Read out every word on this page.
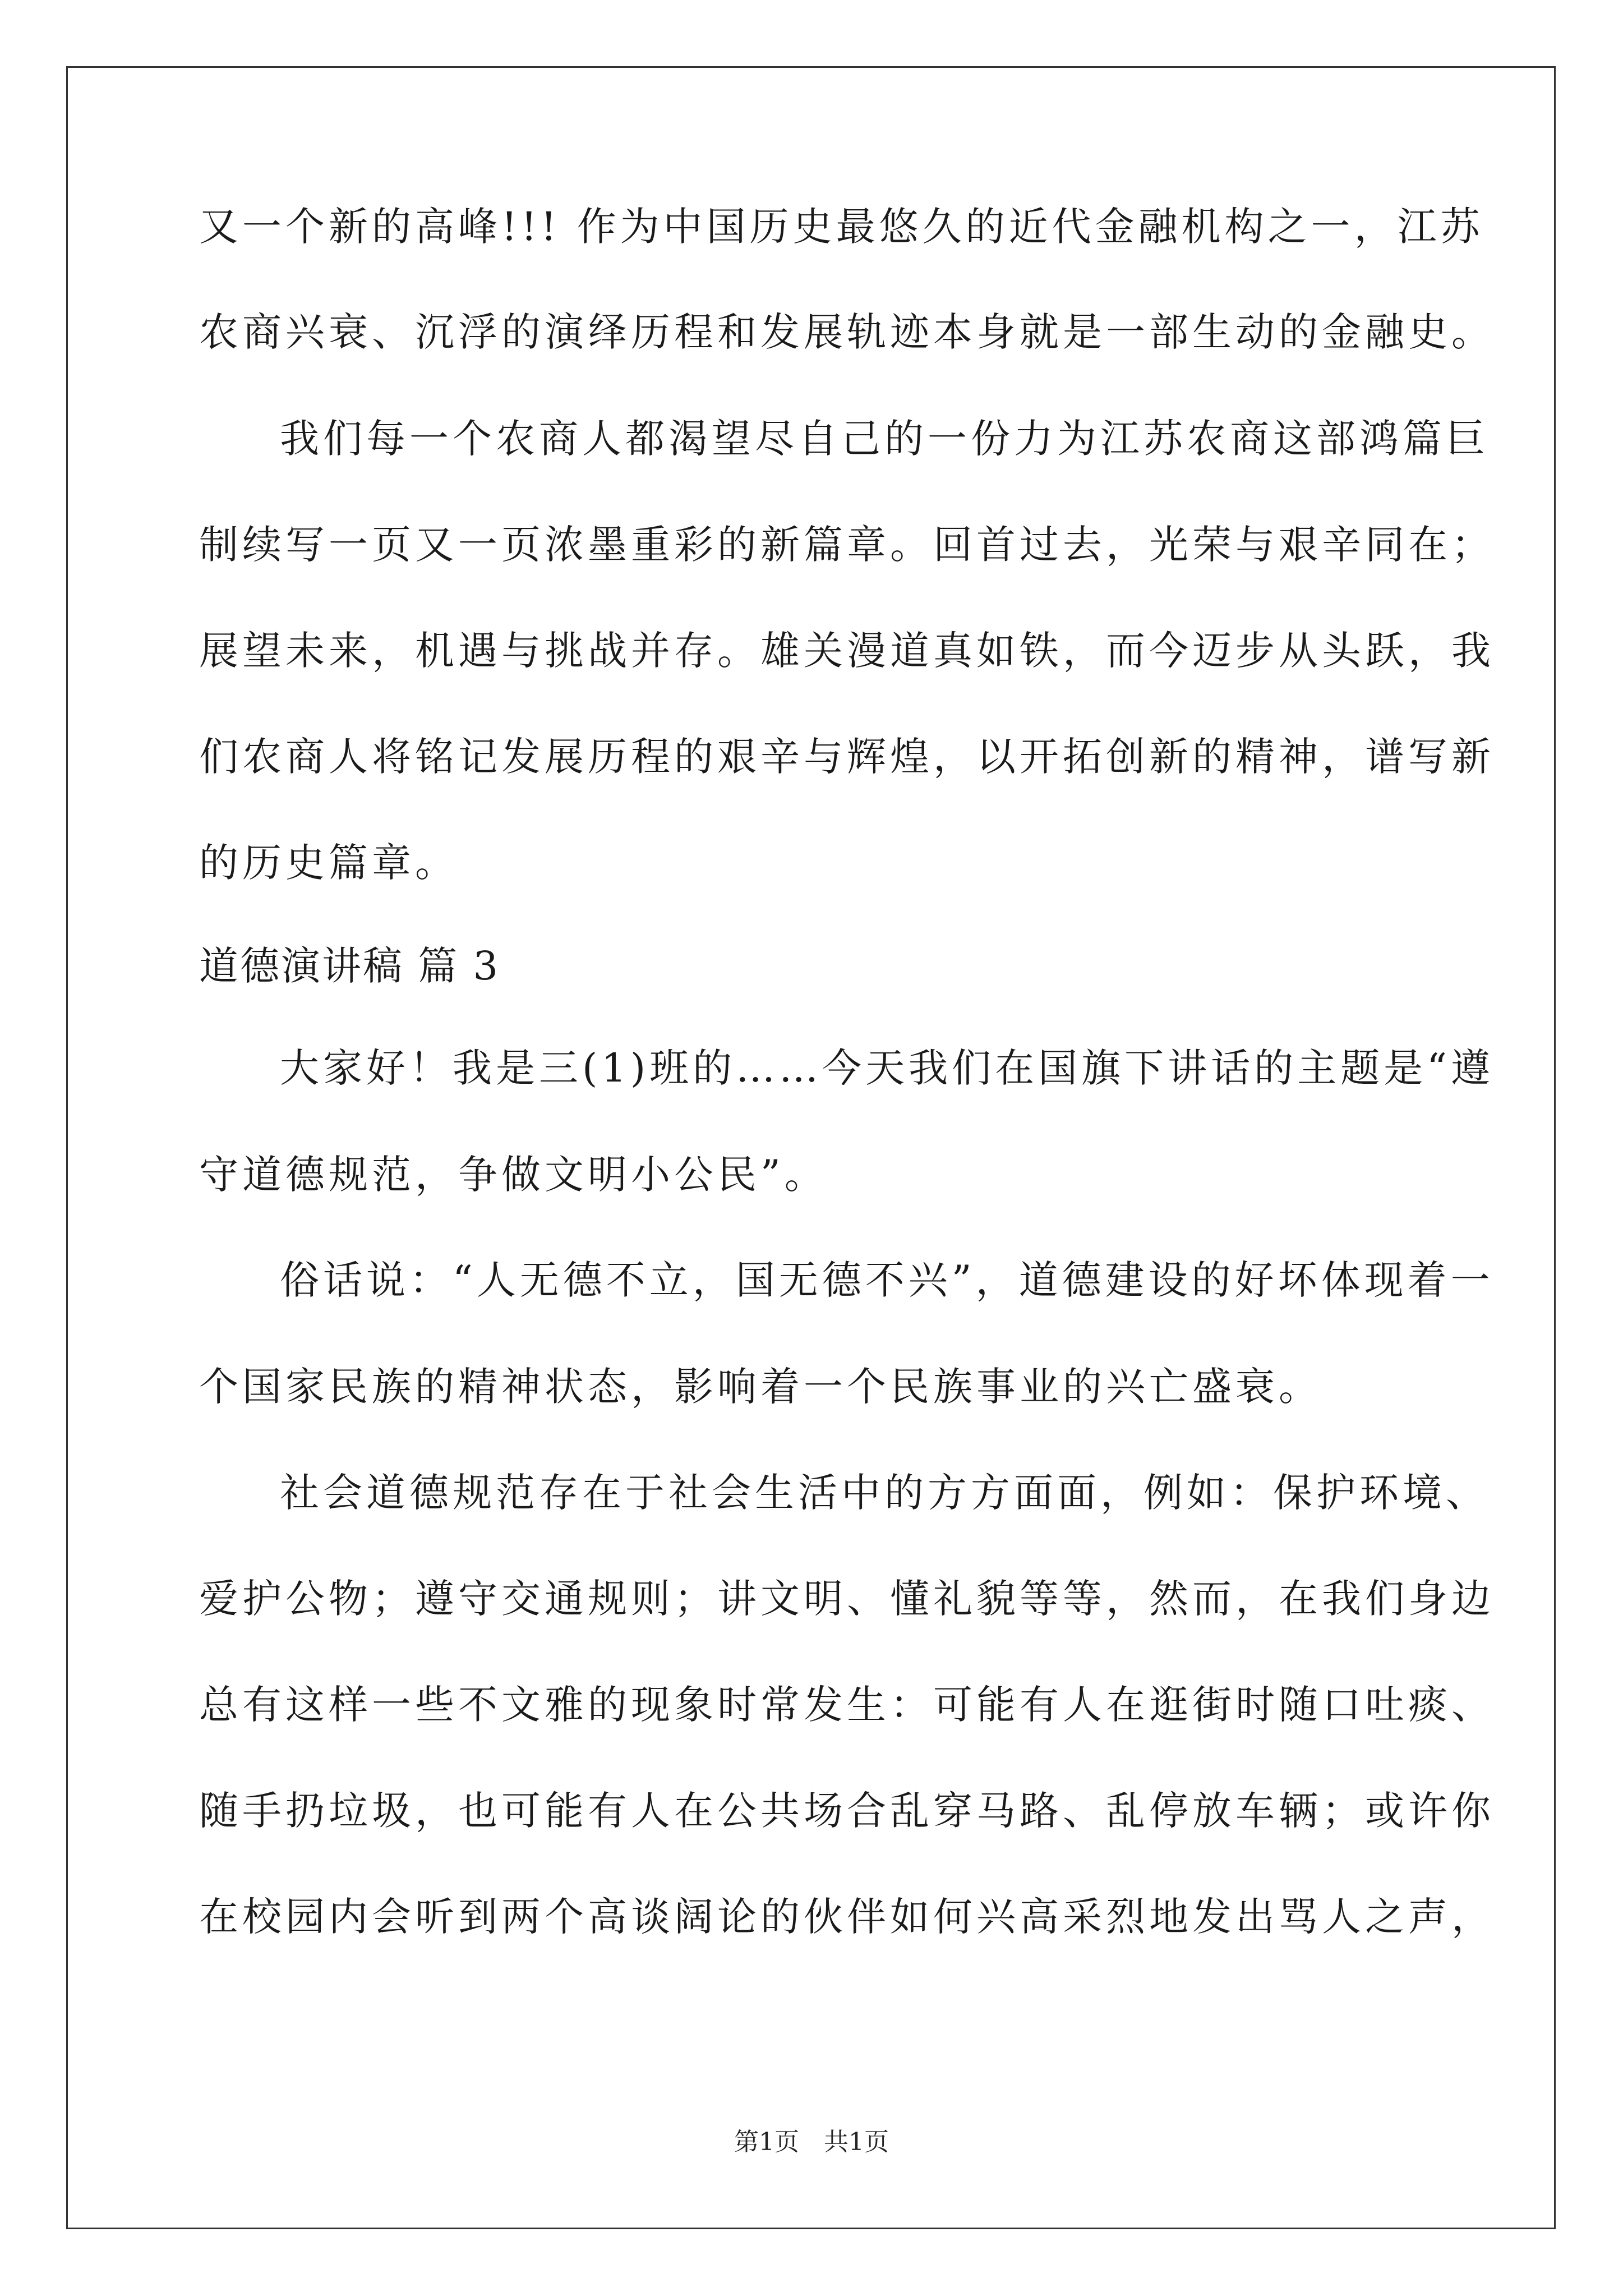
又一个新的高峰!!! 作为中国历史最悠久的近代金融机构之一，江苏
农商兴衰、沉浮的演绎历程和发展轨迹本身就是一部生动的金融史。
我们每一个农商人都渴望尽自己的一份力为江苏农商这部鸿篇巨
制续写一页又一页浓墨重彩的新篇章。回首过去，光荣与艰辛同在；
展望未来，机遇与挑战并存。雄关漫道真如铁，而今迈步从头跃，我
们农商人将铭记发展历程的艰辛与辉煌，以开拓创新的精神，谱写新
的历史篇章。
道德演讲稿 篇 3
大家好！我是三(1)班的……今天我们在国旗下讲话的主题是“遵
守道德规范，争做文明小公民”。
俗话说：“人无德不立，国无德不兴”，道德建设的好坏体现着一
个国家民族的精神状态，影响着一个民族事业的兴亡盛衰。
社会道德规范存在于社会生活中的方方面面，例如：保护环境、
爱护公物；遵守交通规则；讲文明、懂礼貌等等，然而，在我们身边
总有这样一些不文雅的现象时常发生：可能有人在逛街时随口吐痰、
随手扔垃圾，也可能有人在公共场合乱穿马路、乱停放车辆；或许你
在校园内会听到两个高谈阔论的伙伴如何兴高采烈地发出骂人之声，
第1页　共1页
